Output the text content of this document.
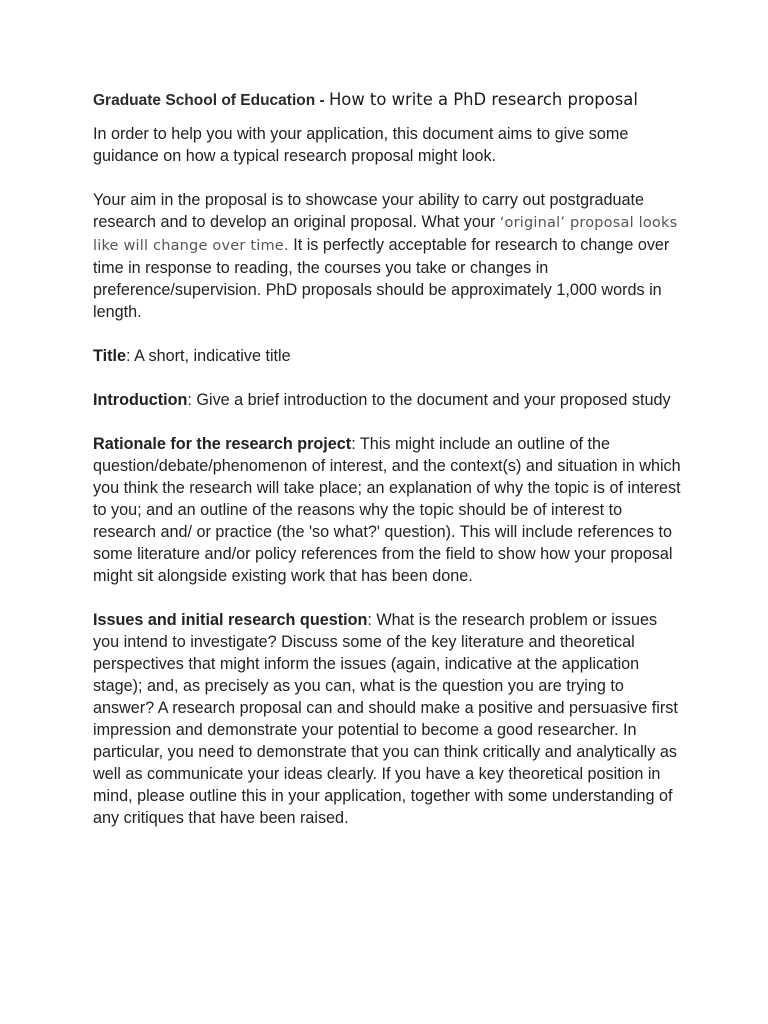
Graduate School of Education - How to write a PhD research proposal

In order to help you with your application, this document aims to give some guidance on how a typical research proposal might look.

Your aim in the proposal is to showcase your ability to carry out postgraduate research and to develop an original proposal. What your ‘original’ proposal looks like will change over time. It is perfectly acceptable for research to change over time in response to reading, the courses you take or changes in preference/supervision. PhD proposals should be approximately 1,000 words in length.

Title: A short, indicative title

Introduction: Give a brief introduction to the document and your proposed study

Rationale for the research project: This might include an outline of the question/debate/phenomenon of interest, and the context(s) and situation in which you think the research will take place; an explanation of why the topic is of interest to you; and an outline of the reasons why the topic should be of interest to research and/ or practice (the 'so what?' question). This will include references to some literature and/or policy references from the field to show how your proposal might sit alongside existing work that has been done.

Issues and initial research question: What is the research problem or issues you intend to investigate? Discuss some of the key literature and theoretical perspectives that might inform the issues (again, indicative at the application stage); and, as precisely as you can, what is the question you are trying to answer? A research proposal can and should make a positive and persuasive first impression and demonstrate your potential to become a good researcher. In particular, you need to demonstrate that you can think critically and analytically as well as communicate your ideas clearly. If you have a key theoretical position in mind, please outline this in your application, together with some understanding of any critiques that have been raised.
